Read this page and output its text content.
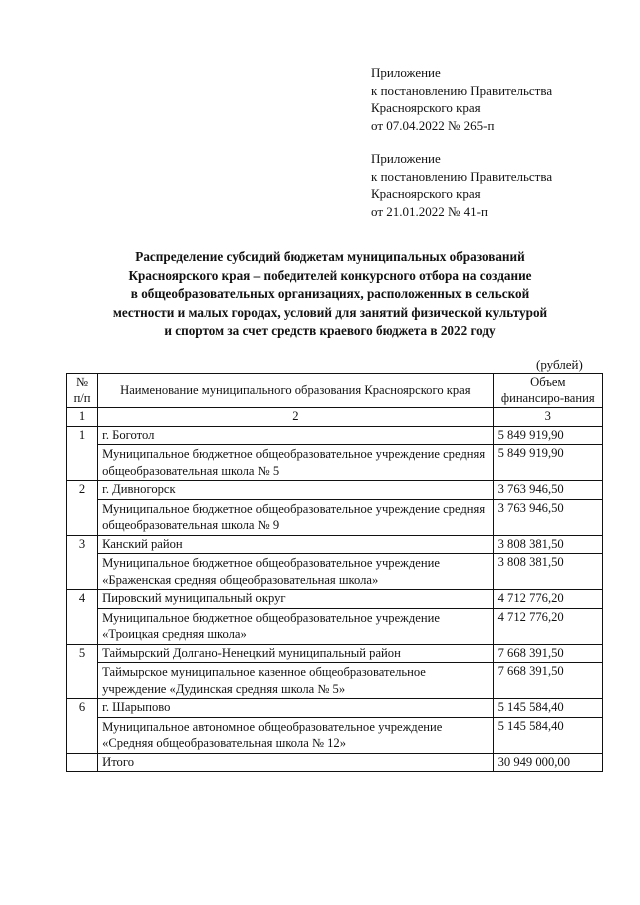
Приложение
к постановлению Правительства
Красноярского края
от 07.04.2022 № 265-п
Приложение
к постановлению Правительства
Красноярского края
от 21.01.2022 № 41-п
Распределение субсидий бюджетам муниципальных образований
Красноярского края – победителей конкурсного отбора на создание
в общеобразовательных организациях, расположенных в сельской
местности и малых городах, условий для занятий физической культурой
и спортом за счет средств краевого бюджета в 2022 году
(рублей)
№ п/п	Наименование муниципального образования Красноярского края	Объем финансиро-вания
1	2	3
1	г. Боготол	5 849 919,90
	Муниципальное бюджетное общеобразовательное учреждение средняя общеобразовательная школа № 5	5 849 919,90
2	г. Дивногорск	3 763 946,50
	Муниципальное бюджетное общеобразовательное учреждение средняя общеобразовательная школа № 9	3 763 946,50
3	Канский район	3 808 381,50
	Муниципальное бюджетное общеобразовательное учреждение «Браженская средняя общеобразовательная школа»	3 808 381,50
4	Пировский муниципальный округ	4 712 776,20
	Муниципальное бюджетное общеобразовательное учреждение «Троицкая средняя школа»	4 712 776,20
5	Таймырский Долгано-Ненецкий муниципальный район	7 668 391,50
	Таймырское муниципальное казенное общеобразовательное учреждение «Дудинская средняя школа № 5»	7 668 391,50
6	г. Шарыпово	5 145 584,40
	Муниципальное автономное общеобразовательное учреждение «Средняя общеобразовательная школа № 12»	5 145 584,40
	Итого	30 949 000,00
